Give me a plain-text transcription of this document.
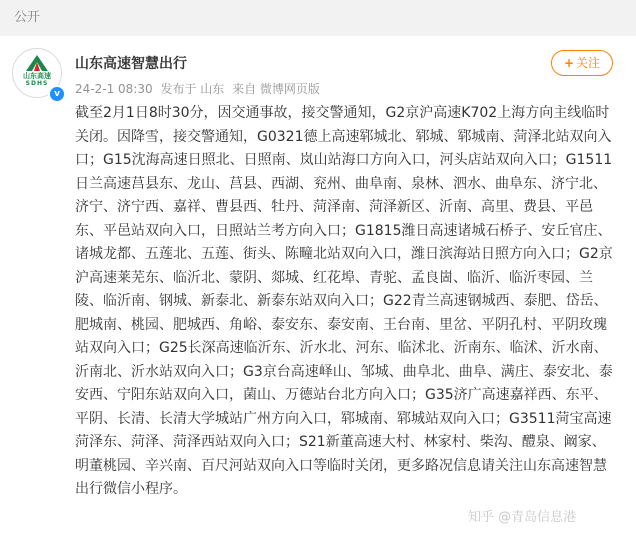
公开
山东高速
SDHS
v
山东高速智慧出行
24-2-1 08:30 发布于 山东 来自 微博网页版
+ 关注
截至2月1日8时30分，因交通事故，接交警通知，G2京沪高速K702上海方向主线临时关闭。因降雪，接交警通知，G0321德上高速郓城北、郓城、郓城南、菏泽北站双向入口；G15沈海高速日照北、日照南、岚山站海口方向入口，河头店站双向入口；G1511日兰高速莒县东、龙山、莒县、西湖、兖州、曲阜南、泉林、泗水、曲阜东、济宁北、济宁、济宁西、嘉祥、曹县西、牡丹、菏泽南、菏泽新区、沂南、高里、费县、平邑东、平邑站双向入口，日照站兰考方向入口；G1815潍日高速诸城石桥子、安丘官庄、诸城龙都、五莲北、五莲、街头、陈疃北站双向入口，潍日滨海站日照方向入口；G2京沪高速莱芜东、临沂北、蒙阴、郯城、红花埠、青驼、孟良崮、临沂、临沂枣园、兰陵、临沂南、钢城、新泰北、新泰东站双向入口；G22青兰高速钢城西、泰肥、岱岳、肥城南、桃园、肥城西、角峪、泰安东、泰安南、王台南、里岔、平阴孔村、平阴玫瑰站双向入口；G25长深高速临沂东、沂水北、河东、临沭北、沂南东、临沭、沂水南、沂南北、沂水站双向入口；G3京台高速峄山、邹城、曲阜北、曲阜、满庄、泰安北、泰安西、宁阳东站双向入口，菌山、万德站台北方向入口；G35济广高速嘉祥西、东平、平阴、长清、长清大学城站广州方向入口，郓城南、郓城站双向入口；G3511菏宝高速菏泽东、菏泽、菏泽西站双向入口；S21新董高速大村、林家村、柴沟、醴泉、阚家、明董桃园、辛兴南、百尺河站双向入口等临时关闭，更多路况信息请关注山东高速智慧出行微信小程序。
知乎 @青岛信息港
